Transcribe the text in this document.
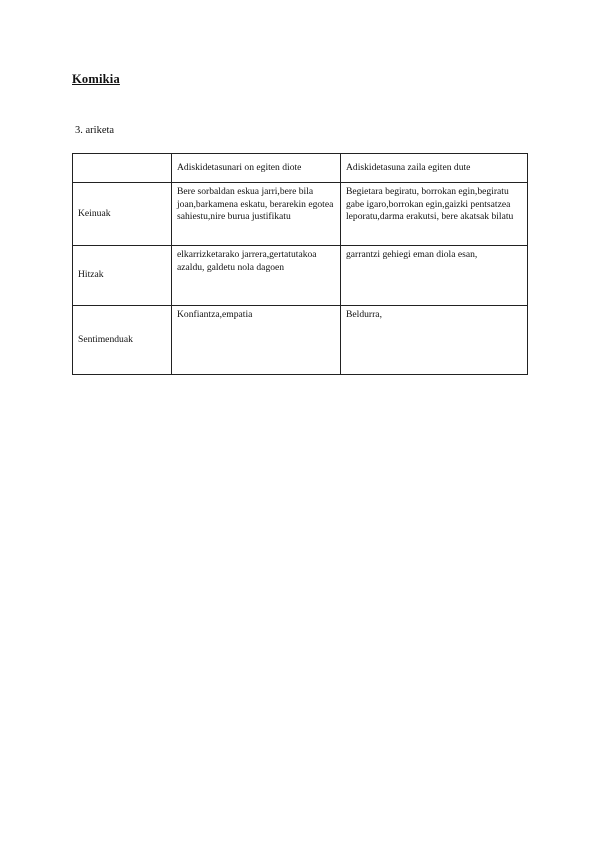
Komikia
3. ariketa
	Adiskidetasunari on egiten diote	Adiskidetasuna zaila egiten dute
Keinuak	Bere sorbaldan eskua jarri,bere bila joan,barkamena eskatu, berarekin egotea sahiestu,nire burua justifikatu	Begietara begiratu, borrokan egin,begiratu gabe igaro,borrokan egin,gaizki pentsatzea leporatu,darma erakutsi, bere akatsak bilatu
Hitzak	elkarrizketarako jarrera,gertatutakoa azaldu, galdetu nola dagoen	garrantzi gehiegi eman diola esan,
Sentimenduak	Konfiantza,empatia	Beldurra,
